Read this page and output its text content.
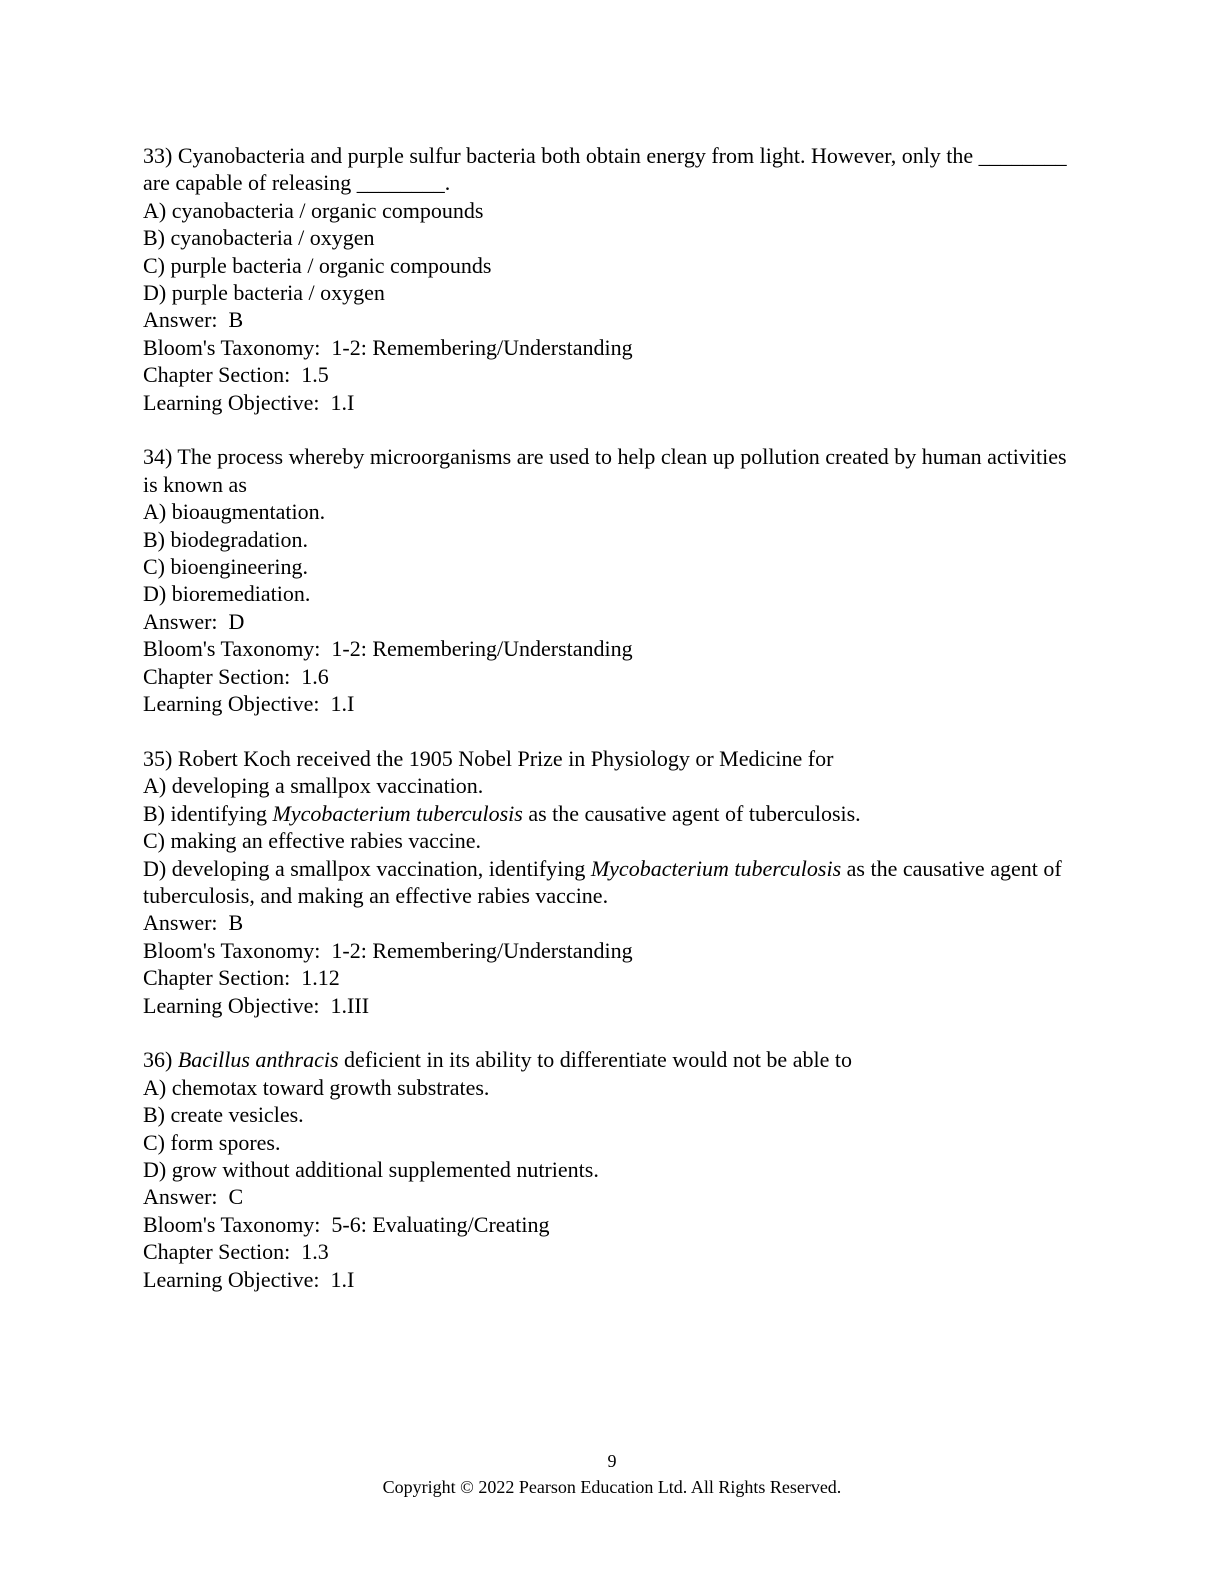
33) Cyanobacteria and purple sulfur bacteria both obtain energy from light. However, only the ________ are capable of releasing ________.
A) cyanobacteria / organic compounds
B) cyanobacteria / oxygen
C) purple bacteria / organic compounds
D) purple bacteria / oxygen
Answer:  B
Bloom's Taxonomy:  1-2: Remembering/Understanding
Chapter Section:  1.5
Learning Objective:  1.I
34) The process whereby microorganisms are used to help clean up pollution created by human activities is known as
A) bioaugmentation.
B) biodegradation.
C) bioengineering.
D) bioremediation.
Answer:  D
Bloom's Taxonomy:  1-2: Remembering/Understanding
Chapter Section:  1.6
Learning Objective:  1.I
35) Robert Koch received the 1905 Nobel Prize in Physiology or Medicine for
A) developing a smallpox vaccination.
B) identifying Mycobacterium tuberculosis as the causative agent of tuberculosis.
C) making an effective rabies vaccine.
D) developing a smallpox vaccination, identifying Mycobacterium tuberculosis as the causative agent of tuberculosis, and making an effective rabies vaccine.
Answer:  B
Bloom's Taxonomy:  1-2: Remembering/Understanding
Chapter Section:  1.12
Learning Objective:  1.III
36) Bacillus anthracis deficient in its ability to differentiate would not be able to
A) chemotax toward growth substrates.
B) create vesicles.
C) form spores.
D) grow without additional supplemented nutrients.
Answer:  C
Bloom's Taxonomy:  5-6: Evaluating/Creating
Chapter Section:  1.3
Learning Objective:  1.I
9
Copyright © 2022 Pearson Education Ltd. All Rights Reserved.
